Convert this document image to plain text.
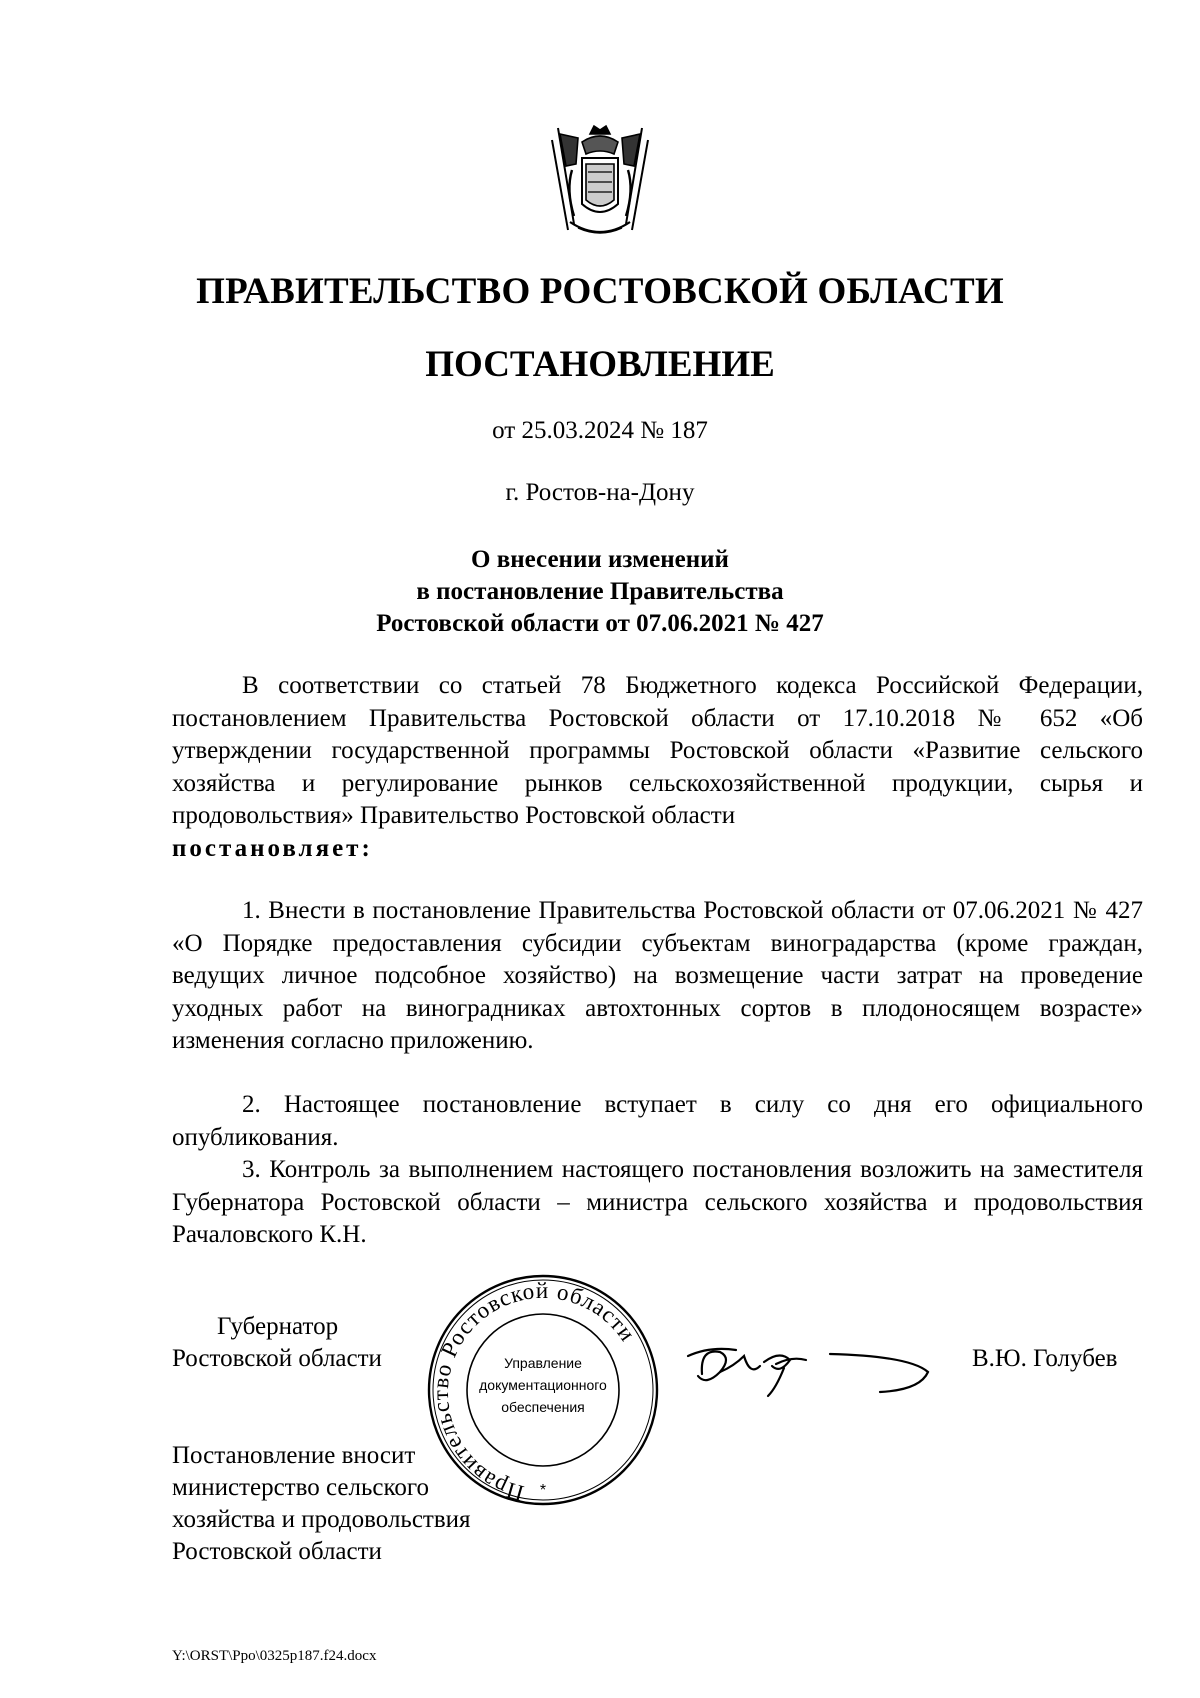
ПРАВИТЕЛЬСТВО РОСТОВСКОЙ ОБЛАСТИ
ПОСТАНОВЛЕНИЕ
от 25.03.2024 № 187
г. Ростов-на-Дону
О внесении изменений
в постановление Правительства
Ростовской области от 07.06.2021 № 427
В соответствии со статьей 78 Бюджетного кодекса Российской Федерации, постановлением Правительства Ростовской области от 17.10.2018 № 652 «Об утверждении государственной программы Ростовской области «Развитие сельского хозяйства и регулирование рынков сельскохозяйственной продукции, сырья и продовольствия» Правительство Ростовской области
постановляет:
1. Внести в постановление Правительства Ростовской области от 07.06.2021 № 427 «О Порядке предоставления субсидии субъектам виноградарства (кроме граждан, ведущих личное подсобное хозяйство) на возмещение части затрат на проведение уходных работ на виноградниках автохтонных сортов в плодоносящем возрасте» изменения согласно приложению.
2. Настоящее постановление вступает в силу со дня его официального опубликования.
3. Контроль за выполнением настоящего постановления возложить на заместителя Губернатора Ростовской области – министра сельского хозяйства и продовольствия Рачаловского К.Н.
Губернатор
Ростовской области
Правительство Ростовской области
Управление
документационного
обеспечения
*
В.Ю. Голубев
Постановление вносит
министерство сельского
хозяйства и продовольствия
Ростовской области
Y:\ORST\Ppo\0325p187.f24.docx
